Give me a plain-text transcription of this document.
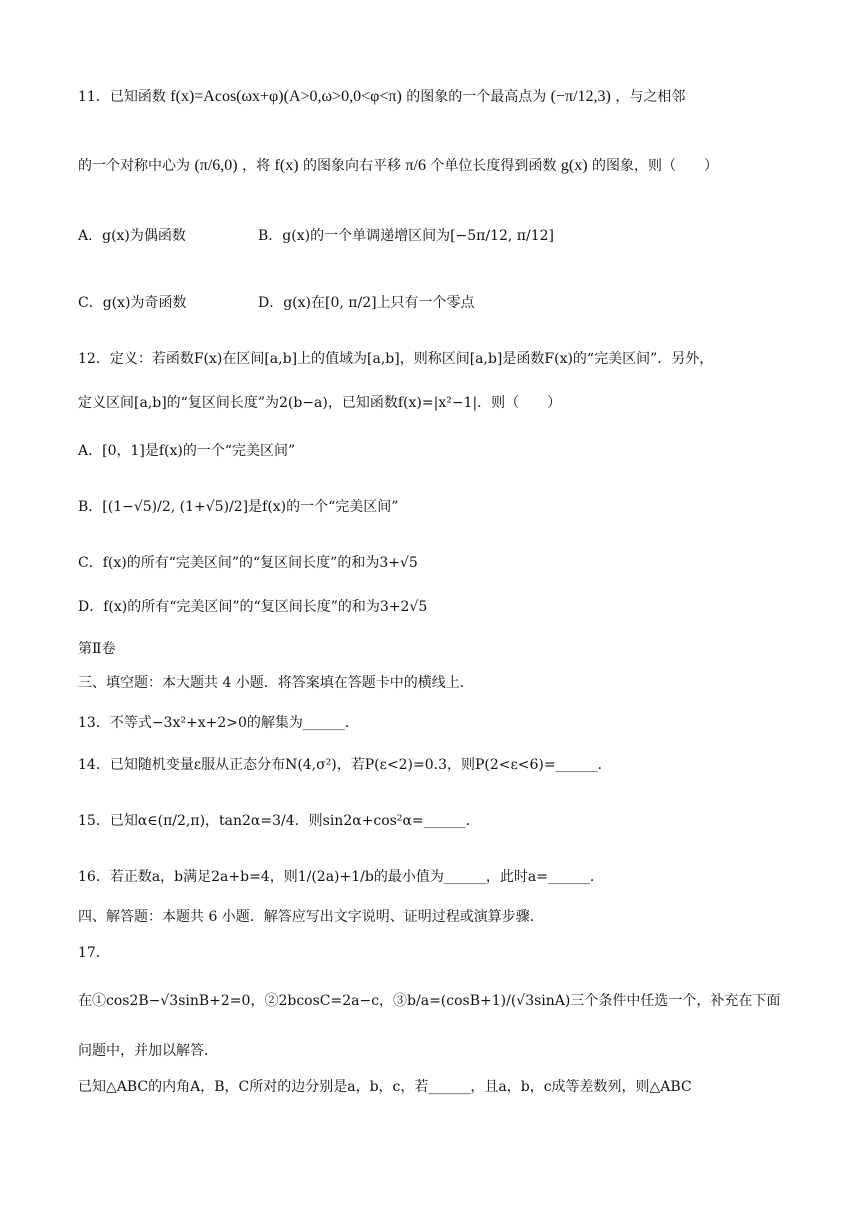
11．已知函数 f(x)=Acos(ωx+φ)(A>0,ω>0,0<φ<π) 的图象的一个最高点为 (−π/12,3) ，与之相邻
的一个对称中心为 (π/6,0) ，将 f(x) 的图象向右平移 π/6 个单位长度得到函数 g(x) 的图象，则（　　）
A．g(x)为偶函数	B．g(x)的一个单调递增区间为[−5π/12, π/12]
C．g(x)为奇函数	D．g(x)在[0, π/2]上只有一个零点
12．定义：若函数F(x)在区间[a,b]上的值域为[a,b]，则称区间[a,b]是函数F(x)的“完美区间”．另外，
定义区间[a,b]的“复区间长度”为2(b−a)，已知函数f(x)=|x²−1|．则（　　）
A．[0，1]是f(x)的一个“完美区间”
B．[(1−√5)/2, (1+√5)/2]是f(x)的一个“完美区间”
C．f(x)的所有“完美区间”的“复区间长度”的和为3+√5
D．f(x)的所有“完美区间”的“复区间长度”的和为3+2√5
第Ⅱ卷
三、填空题：本大题共 4 小题．将答案填在答题卡中的横线上．
13．不等式−3x²+x+2>0的解集为______．
14．已知随机变量ε服从正态分布N(4,σ²)，若P(ε<2)=0.3，则P(2<ε<6)=______．
15．已知α∈(π/2,π)，tan2α=3/4．则sin2α+cos²α=______．
16．若正数a，b满足2a+b=4，则1/(2a)+1/b的最小值为______，此时a=______．
四、解答题：本题共 6 小题．解答应写出文字说明、证明过程或演算步骤．
17．
在①cos2B−√3sinB+2=0，②2bcosC=2a−c，③b/a=(cosB+1)/(√3sinA)三个条件中任选一个，补充在下面
问题中，并加以解答．
已知△ABC的内角A，B，C所对的边分别是a，b，c，若______，且a，b，c成等差数列，则△ABC
